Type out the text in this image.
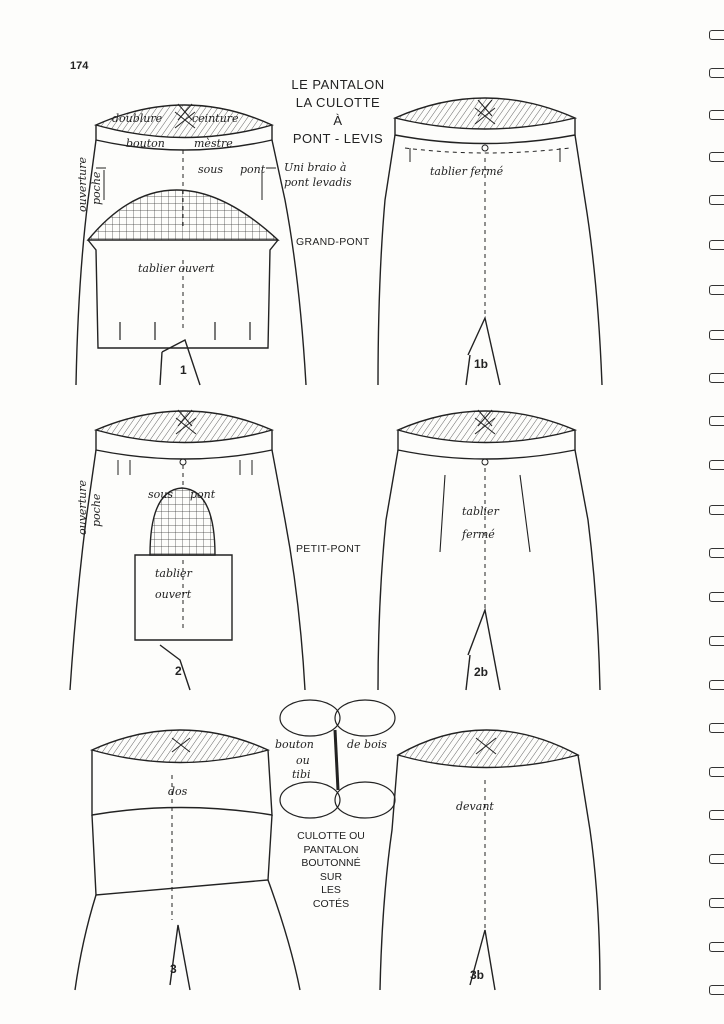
174
LE PANTALON
LA CULOTTE
À
PONT - LEVIS
Uni braio à
pont levadis
GRAND-PONT
PETIT-PONT
CULOTTE OU
PANTALON
BOUTONNÉ
SUR
LES
COTÉS
doublure	ceinture
bouton	mèstre
sous pont
ouverture poche
tablier ouvert
1
tablier fermé
1b
ouverture poche	sous pont
tablier
ouvert
2
tablier
fermé
2b
bouton	de bois
ou
tibi
dos
3
devant
3b
